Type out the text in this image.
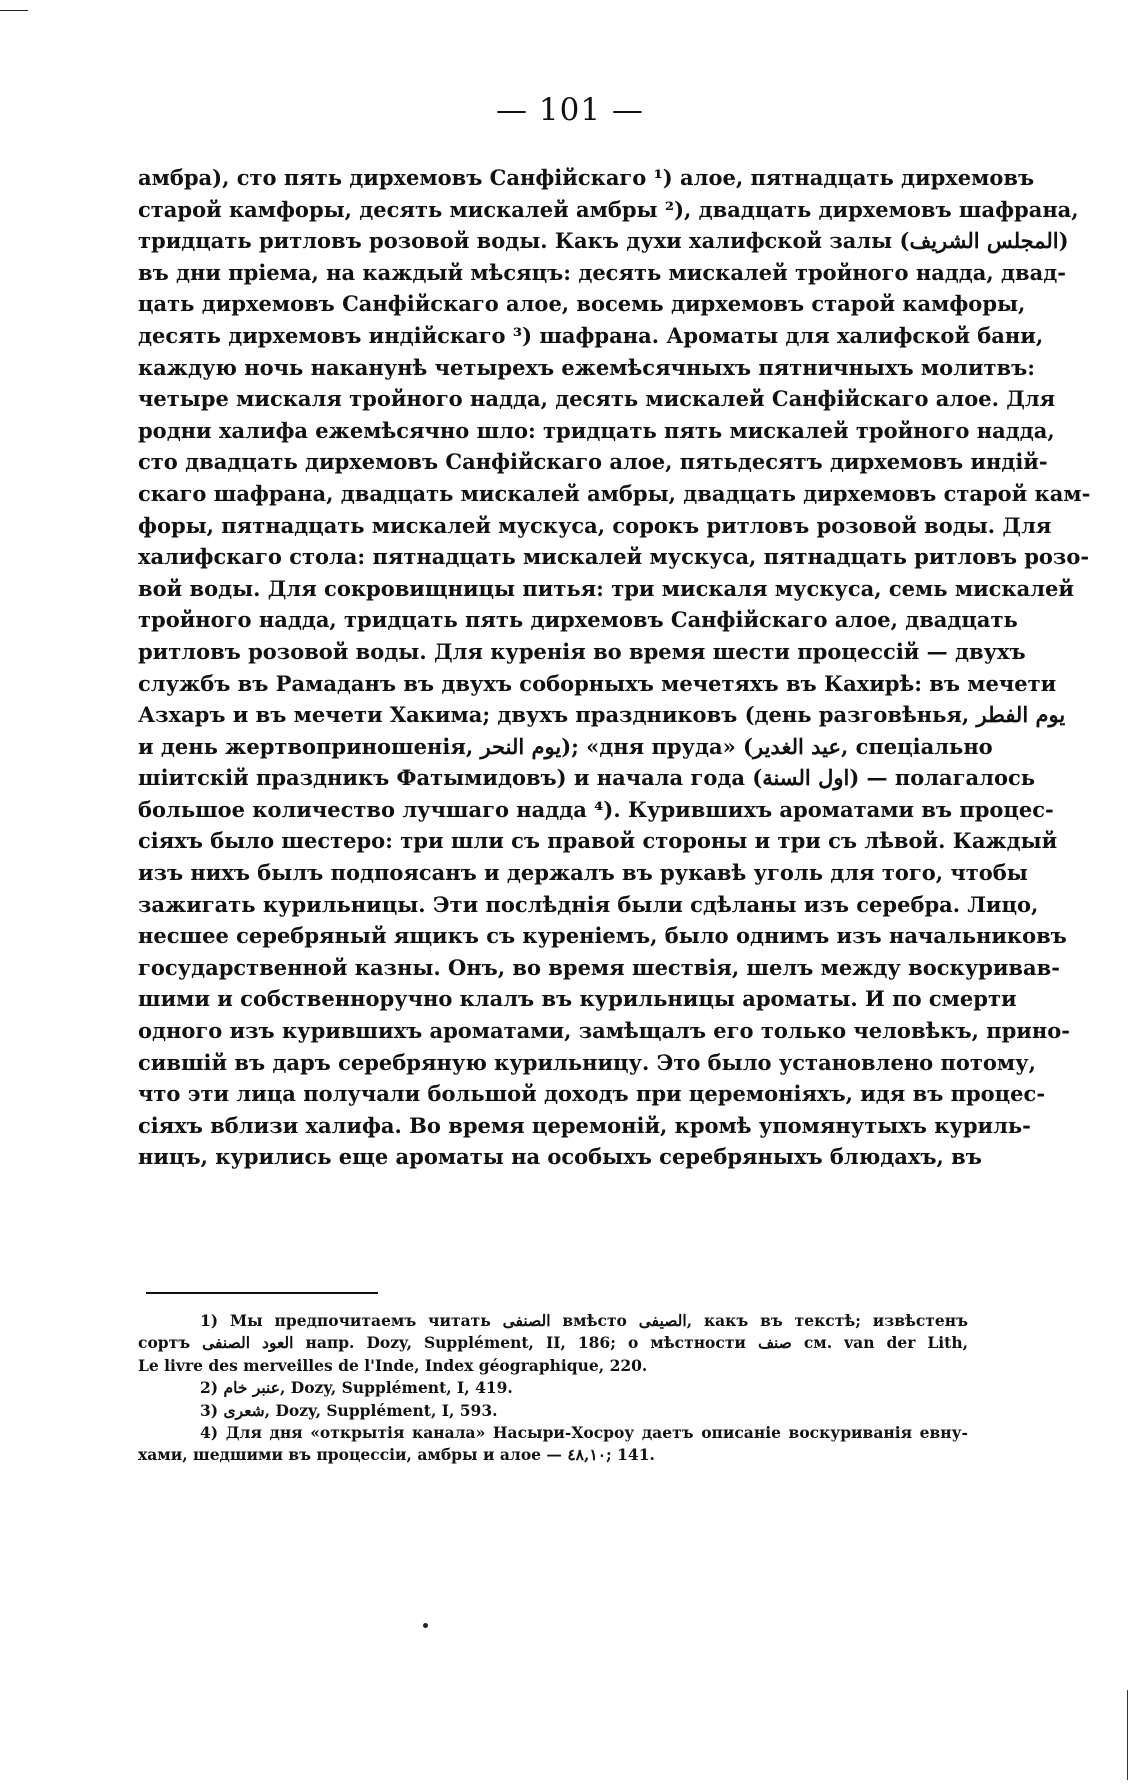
— 101 —
амбра), сто пять дирхемовъ Санфійскаго ¹) алое, пятнадцать дирхемовъ
старой камфоры, десять мискалей амбры ²), двадцать дирхемовъ шафрана,
тридцать ритловъ розовой воды. Какъ духи халифской залы (المجلس الشريف)
въ дни пріема, на каждый мѣсяцъ: десять мискалей тройного надда, двад-
цать дирхемовъ Санфійскаго алое, восемь дирхемовъ старой камфоры,
десять дирхемовъ индійскаго ³) шафрана. Ароматы для халифской бани,
каждую ночь наканунѣ четырехъ ежемѣсячныхъ пятничныхъ молитвъ:
четыре мискаля тройного надда, десять мискалей Санфійскаго алое. Для
родни халифа ежемѣсячно шло: тридцать пять мискалей тройного надда,
сто двадцать дирхемовъ Санфійскаго алое, пятьдесятъ дирхемовъ индій-
скаго шафрана, двадцать мискалей амбры, двадцать дирхемовъ старой кам-
форы, пятнадцать мискалей мускуса, сорокъ ритловъ розовой воды. Для
халифскаго стола: пятнадцать мискалей мускуса, пятнадцать ритловъ розо-
вой воды. Для сокровищницы питья: три мискаля мускуса, семь мискалей
тройного надда, тридцать пять дирхемовъ Санфійскаго алое, двадцать
ритловъ розовой воды. Для куренія во время шести процессій — двухъ
службъ въ Рамаданъ въ двухъ соборныхъ мечетяхъ въ Кахирѣ: въ мечети
Азхаръ и въ мечети Хакима; двухъ праздниковъ (день разговѣнья, يوم الفطر
и день жертвоприношенія, يوم النحر); «дня пруда» (عيد الغدير, спеціально
шіитскій праздникъ Фатымидовъ) и начала года (اول السنة) — полагалось
большое количество лучшаго надда ⁴). Курившихъ ароматами въ процес-
сіяхъ было шестеро: три шли съ правой стороны и три съ лѣвой. Каждый
изъ нихъ былъ подпоясанъ и держалъ въ рукавѣ уголь для того, чтобы
зажигать курильницы. Эти послѣднія были сдѣланы изъ серебра. Лицо,
несшее серебряный ящикъ съ куреніемъ, было однимъ изъ начальниковъ
государственной казны. Онъ, во время шествія, шелъ между воскуривав-
шими и собственноручно клалъ въ курильницы ароматы. И по смерти
одного изъ курившихъ ароматами, замѣщалъ его только человѣкъ, прино-
сившій въ даръ серебряную курильницу. Это было установлено потому,
что эти лица получали большой доходъ при церемоніяхъ, идя въ процес-
сіяхъ вблизи халифа. Во время церемоній, кромѣ упомянутыхъ куриль-
ницъ, курились еще ароматы на особыхъ серебряныхъ блюдахъ, въ
1) Мы предпочитаемъ читать الصنفى вмѣсто الصيفى, какъ въ текстѣ; извѣстенъ
сортъ العود الصنفى напр. Dozy, Supplément, II, 186; о мѣстности صنف см. van der Lith,
Le livre des merveilles de l'Inde, Index géographique, 220.
2) عنبر خام, Dozy, Supplément, I, 419.
3) شعرى, Dozy, Supplément, I, 593.
4) Для дня «открытія канала» Насыри-Хосроу даетъ описаніе воскуриванія евну-
хами, шедшими въ процессіи, амбры и алое — ٤٨,١٠; 141.
